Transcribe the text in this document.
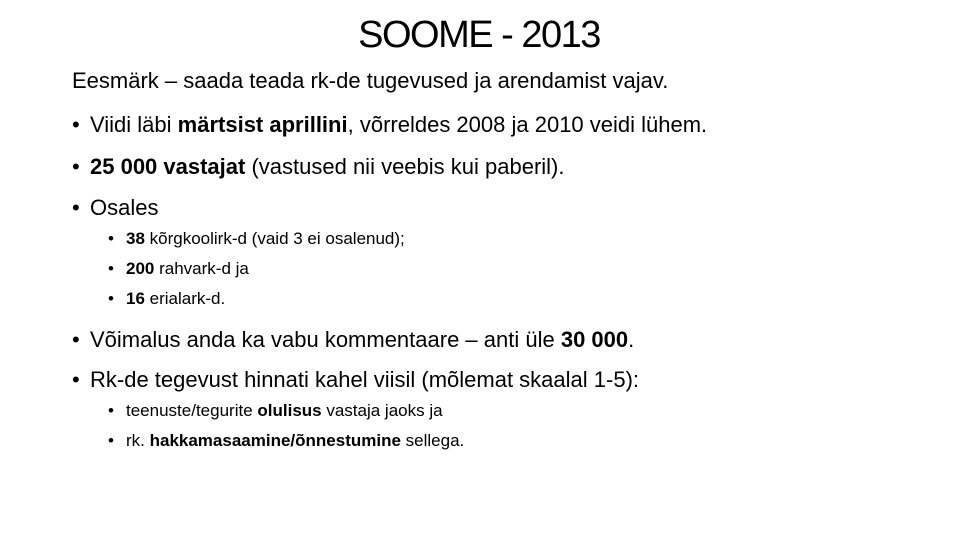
SOOME - 2013
Eesmärk – saada teada rk-de tugevused ja arendamist vajav.
• Viidi läbi märtsist aprillini, võrreldes 2008 ja 2010 veidi lühem.
• 25 000 vastajat (vastused nii veebis kui paberil).
• Osales
• 38 kõrgkoolirk-d (vaid 3 ei osalenud);
• 200 rahvark-d ja
• 16 erialark-d.
• Võimalus anda ka vabu kommentaare – anti üle 30 000.
• Rk-de tegevust hinnati kahel viisil (mõlemat skaalal 1-5):
• teenuste/tegurite olulisus vastaja jaoks ja
• rk. hakkamasaamine/õnnestumine sellega.
